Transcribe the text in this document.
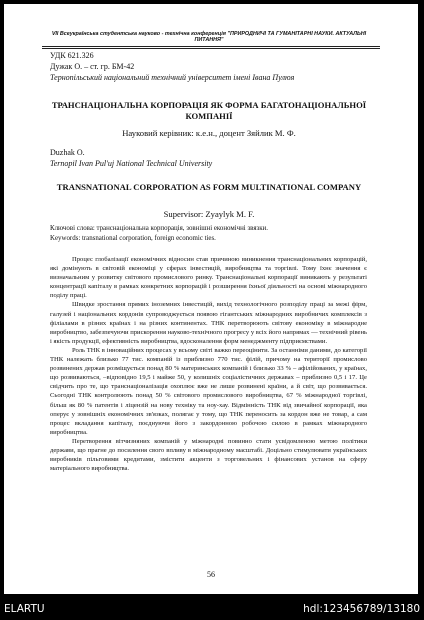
VII Всеукраїнська студентська науково - технічна конференція "ПРИРОДНИЧІ ТА ГУМАНІТАРНІ НАУКИ. АКТУАЛЬНІ ПИТАННЯ"
УДК 621.326
Дужак О. – ст. гр. БМ-42
Тернопільський національний технічний університет імені Івана Пулюя
ТРАНСНАЦІОНАЛЬНА КОРПОРАЦІЯ ЯК ФОРМА БАГАТОНАЦІОНАЛЬНОЇ КОМПАНІЇ
Науковий керівник: к.е.н., доцент Зяйлик М. Ф.
Duzhak O.
Ternopil Ivan Pul'uj National Technical University
TRANSNATIONAL CORPORATION AS FORM MULTINATIONAL COMPANY
Supervisor: Zyaylyk M. F.
Ключові слова: транснаціональна корпорація, зовнішні економічні звязки.
Keywords: transnational corporation, foreign economic ties.

Процес глобалізації економічних відносин став причиною виникнення транснаціональних корпорацій, які домінують в світовій економіці у сферах інвестицій, виробництва та торгівлі. Тому їхнє значення є визначальним у розвитку світового промислового ринку. Транснаціональні корпорації виникають у результаті концентрації капіталу в рамках конкретних корпорацій і розширення їхньої діяльності на основі міжнародного поділу праці.

Швидке зростання прямих іноземних інвестицій, вихід технологічного розподілу праці за межі фірм, галузей і національних кордонів супроводжується появою гігантських міжнародних виробничих комплексів з філіалами в різних країнах і на різних континентах. ТНК перетворюють світову економіку в міжнародне виробництво, забезпечуючи прискорення науково-технічного прогресу у всіх його напрямах — технічний рівень і якість продукції, ефективність виробництва, вдосконалення форм менеджменту підприємствами.

Роль ТНК в інноваційних процесах у всьому світі важко переоцінити. За останніми даними, до категорії ТНК належать близько 77 тис. компаній із приблизно 770 тис. філій, причому на території промислово розвинених держав розміщується понад 80 % материнських компаній і близько 33 % – афілійованих, у країнах, що розвиваються, –відповідно 19,5 і майже 50, у колишніх соціалістичних державах – приблизно 0,5 і 17. Це свідчить про те, що транснаціоналізація охоплює вже не лише розвинені країни, а й світ, що розвивається. Сьогодні ТНК контролюють понад 50 % світового промислового виробництва, 67 % міжнародної торгівлі, більш як 80 % патентів і ліцензій на нову техніку та ноу-хау. Відмінність ТНК від звичайної корпорації, яка оперує у зовнішніх економічних зв'язках, полягає у тому, що ТНК переносить за кордон вже не товар, а сам процес вкладання капіталу, поєднуючи його з закордонною робочою силою в рамках міжнародного виробництва.

Перетворення вітчизняних компаній у міжнародні повинно стати усвідомленою метою політики держави, що прагне до посилення свого впливу в міжнародному масштабі. Доцільно стимулювати українських виробників пільговими кредитами, змістити акценти з торговельних і фінансових установ на сферу матеріального виробництва.

56
ELARTU	hdl:123456789/13180
